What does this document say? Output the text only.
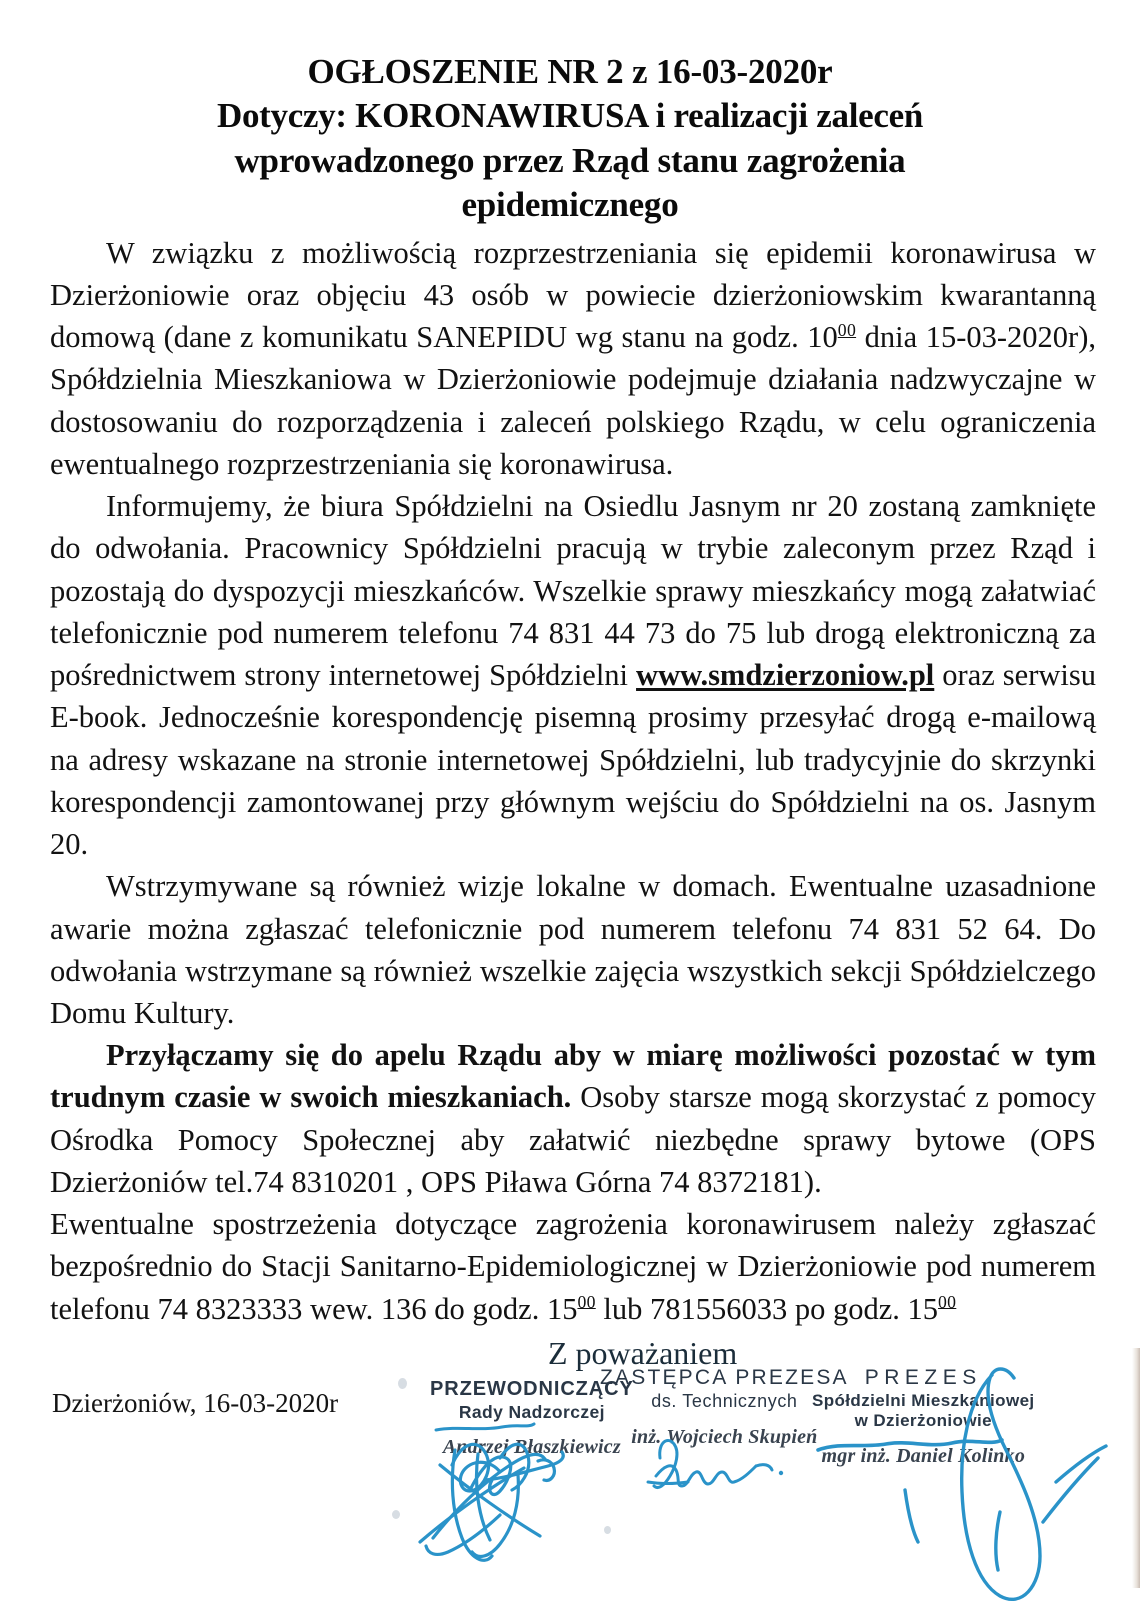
OGŁOSZENIE NR 2 z 16-03-2020r
Dotyczy: KORONAWIRUSA i realizacji zaleceń
wprowadzonego przez Rząd stanu zagrożenia
epidemicznego

W związku z możliwością rozprzestrzeniania się epidemii koronawirusa w Dzierżoniowie oraz objęciu 43 osób w powiecie dzierżoniowskim kwarantanną domową (dane z komunikatu SANEPIDU wg stanu na godz. $10^{00}$ dnia 15-03-2020r), Spółdzielnia Mieszkaniowa w Dzierżoniowie podejmuje działania nadzwyczajne w dostosowaniu do rozporządzenia i zaleceń polskiego Rządu, w celu ograniczenia ewentualnego rozprzestrzeniania się koronawirusa.

Informujemy, że biura Spółdzielni na Osiedlu Jasnym nr 20 zostaną zamknięte do odwołania. Pracownicy Spółdzielni pracują w trybie zaleconym przez Rząd i pozostają do dyspozycji mieszkańców. Wszelkie sprawy mieszkańcy mogą załatwiać telefonicznie pod numerem telefonu 74 831 44 73 do 75 lub drogą elektroniczną za pośrednictwem strony internetowej Spółdzielni www.smdzierzoniow.pl oraz serwisu E-book. Jednocześnie korespondencję pisemną prosimy przesyłać drogą e-mailową na adresy wskazane na stronie internetowej Spółdzielni, lub tradycyjnie do skrzynki korespondencji zamontowanej przy głównym wejściu do Spółdzielni na os. Jasnym 20.

Wstrzymywane są również wizje lokalne w domach. Ewentualne uzasadnione awarie można zgłaszać telefonicznie pod numerem telefonu 74 831 52 64. Do odwołania wstrzymane są również wszelkie zajęcia wszystkich sekcji Spółdzielczego Domu Kultury.

Przyłączamy się do apelu Rządu aby w miarę możliwości pozostać w tym trudnym czasie w swoich mieszkaniach. Osoby starsze mogą skorzystać z pomocy Ośrodka Pomocy Społecznej aby załatwić niezbędne sprawy bytowe (OPS Dzierżoniów tel.74 8310201 , OPS Piława Górna 74 8372181).

Ewentualne spostrzeżenia dotyczące zagrożenia koronawirusem należy zgłaszać bezpośrednio do Stacji Sanitarno-Epidemiologicznej w Dzierżoniowie pod numerem telefonu 74 8323333 wew. 136 do godz. $15^{00}$ lub 781556033 po godz. $15^{00}$

Dzierżoniów, 16-03-2020r
Z poważaniem
PRZEWODNICZĄCY
Rady Nadzorczej
Andrzej Błaszkiewicz
ZASTĘPCA PREZESA
ds. Technicznych
inż. Wojciech Skupień
PREZES
Spółdzielni Mieszkaniowej
w Dzierżoniowie
mgr inż. Daniel Kolinko
